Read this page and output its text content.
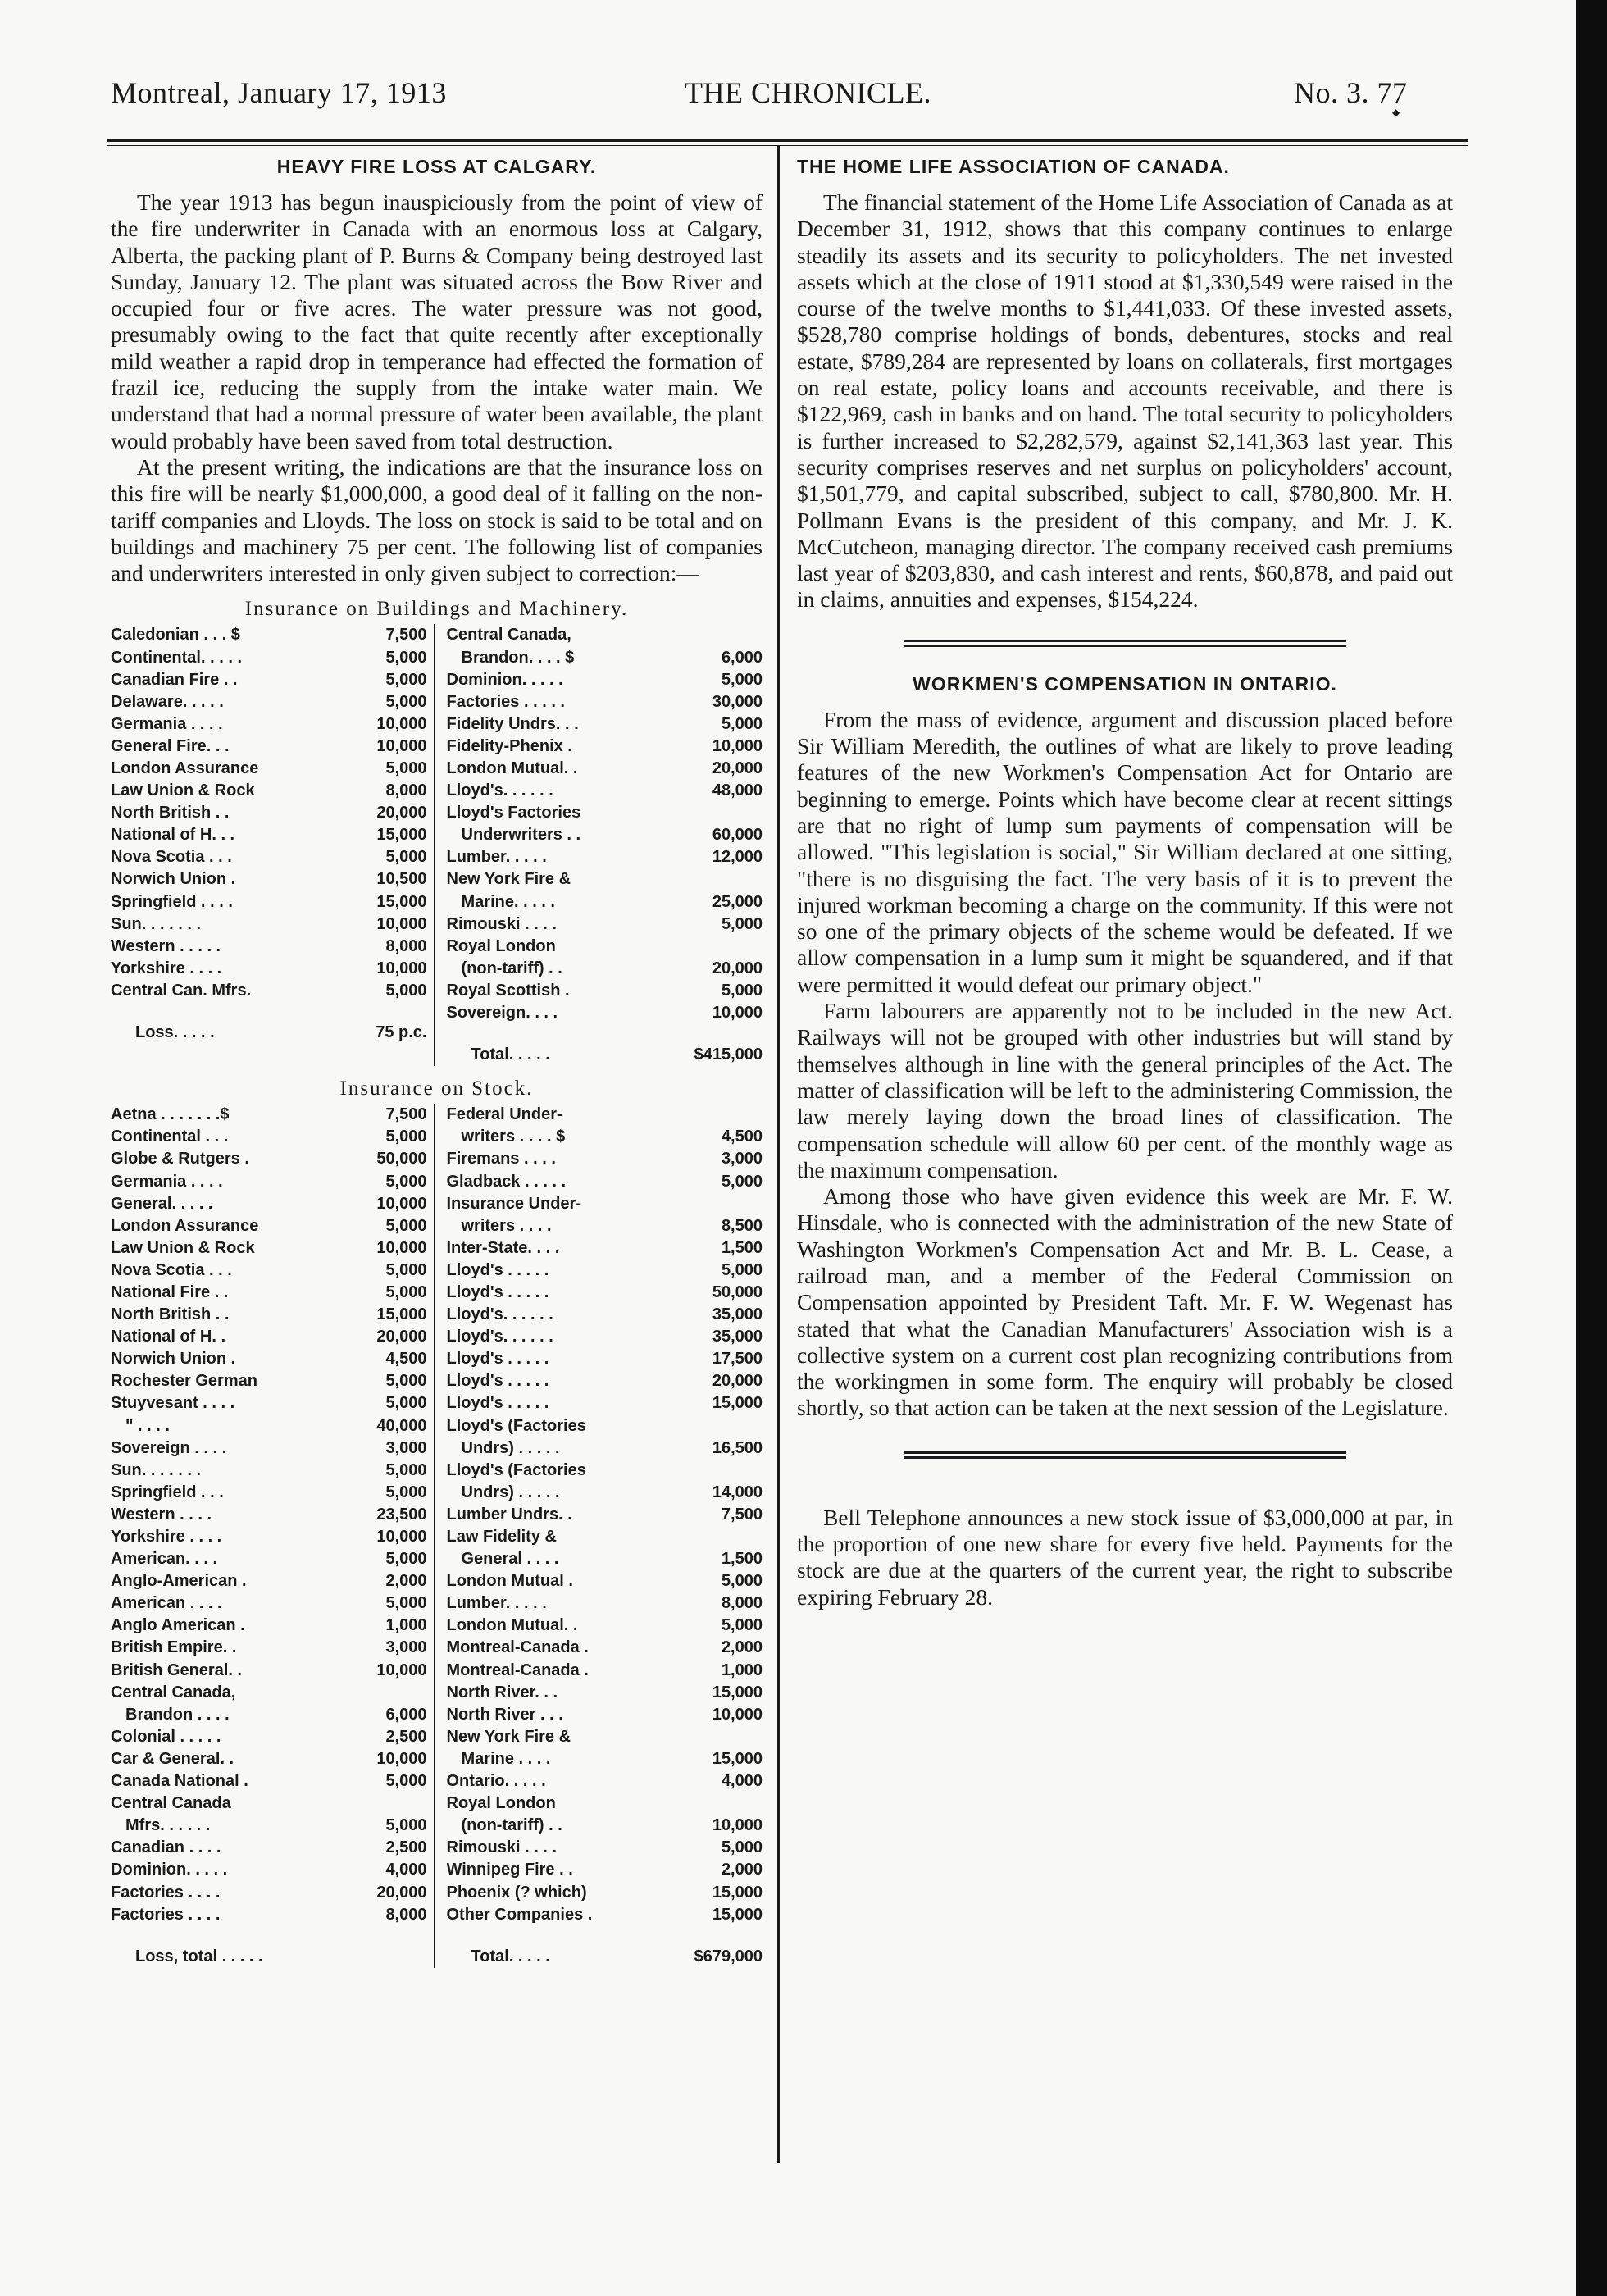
Montreal, January 17, 1913	THE CHRONICLE.	No. 3. 77
◆
HEAVY FIRE LOSS AT CALGARY.

The year 1913 has begun inauspiciously from the point of view of the fire underwriter in Canada with an enormous loss at Calgary, Alberta, the packing plant of P. Burns & Company being destroyed last Sunday, January 12. The plant was situated across the Bow River and occupied four or five acres. The water pressure was not good, presumably owing to the fact that quite recently after exceptionally mild weather a rapid drop in temperance had effected the formation of frazil ice, reducing the supply from the intake water main. We understand that had a normal pressure of water been available, the plant would probably have been saved from total destruction.

At the present writing, the indications are that the insurance loss on this fire will be nearly $1,000,000, a good deal of it falling on the non-tariff companies and Lloyds. The loss on stock is said to be total and on buildings and machinery 75 per cent. The following list of companies and underwriters interested in only given subject to correction:—

Insurance on Buildings and Machinery.
Caledonian . . . $	7,500
Continental. . . . .	5,000
Canadian Fire . .	5,000
Delaware. . . . .	5,000
Germania . . . .	10,000
General Fire. . .	10,000
London Assurance	5,000
Law Union & Rock	8,000
North British . .	20,000
National of H. . .	15,000
Nova Scotia . . .	5,000
Norwich Union .	10,500
Springfield . . . .	15,000
Sun. . . . . . .	10,000
Western . . . . .	8,000
Yorkshire . . . .	10,000
Central Can. Mfrs.	5,000
Loss. . . . .	75 p.c.
Central Canada,
Brandon. . . . $	6,000
Dominion. . . . .	5,000
Factories . . . . .	30,000
Fidelity Undrs. . .	5,000
Fidelity-Phenix .	10,000
London Mutual. .	20,000
Lloyd's. . . . . .	48,000
Lloyd's Factories
Underwriters . .	60,000
Lumber. . . . .	12,000
New York Fire &
Marine. . . . .	25,000
Rimouski . . . .	5,000
Royal London
(non-tariff) . .	20,000
Royal Scottish .	5,000
Sovereign. . . .	10,000
Total. . . . .	$415,000
Insurance on Stock.
Aetna . . . . . . .$	7,500
Continental . . .	5,000
Globe & Rutgers .	50,000
Germania . . . .	5,000
General. . . . .	10,000
London Assurance	5,000
Law Union & Rock	10,000
Nova Scotia . . .	5,000
National Fire . .	5,000
North British . .	15,000
National of H. .	20,000
Norwich Union .	4,500
Rochester German	5,000
Stuyvesant . . . .	5,000
" . . . .	40,000
Sovereign . . . .	3,000
Sun. . . . . . .	5,000
Springfield . . .	5,000
Western . . . .	23,500
Yorkshire . . . .	10,000
American. . . .	5,000
Anglo-American .	2,000
American . . . .	5,000
Anglo American .	1,000
British Empire. .	3,000
British General. .	10,000
Central Canada,
Brandon . . . .	6,000
Colonial . . . . .	2,500
Car & General. .	10,000
Canada National .	5,000
Central Canada
Mfrs. . . . . .	5,000
Canadian . . . .	2,500
Dominion. . . . .	4,000
Factories . . . .	20,000
Factories . . . .	8,000
Loss, total . . . . .
Federal Under-
writers . . . . $	4,500
Firemans . . . .	3,000
Gladback . . . . .	5,000
Insurance Under-
writers . . . .	8,500
Inter-State. . . .	1,500
Lloyd's . . . . .	5,000
Lloyd's . . . . .	50,000
Lloyd's. . . . . .	35,000
Lloyd's. . . . . .	35,000
Lloyd's . . . . .	17,500
Lloyd's . . . . .	20,000
Lloyd's . . . . .	15,000
Lloyd's (Factories
Undrs) . . . . .	16,500
Lloyd's (Factories
Undrs) . . . . .	14,000
Lumber Undrs. .	7,500
Law Fidelity &
General . . . .	1,500
London Mutual .	5,000
Lumber. . . . .	8,000
London Mutual. .	5,000
Montreal-Canada .	2,000
Montreal-Canada .	1,000
North River. . .	15,000
North River . . .	10,000
New York Fire &
Marine . . . .	15,000
Ontario. . . . .	4,000
Royal London
(non-tariff) . .	10,000
Rimouski . . . .	5,000
Winnipeg Fire . .	2,000
Phoenix (? which)	15,000
Other Companies .	15,000
Total. . . . .	$679,000
THE HOME LIFE ASSOCIATION OF CANADA.

The financial statement of the Home Life Association of Canada as at December 31, 1912, shows that this company continues to enlarge steadily its assets and its security to policyholders. The net invested assets which at the close of 1911 stood at $1,330,549 were raised in the course of the twelve months to $1,441,033. Of these invested assets, $528,780 comprise holdings of bonds, debentures, stocks and real estate, $789,284 are represented by loans on collaterals, first mortgages on real estate, policy loans and accounts receivable, and there is $122,969, cash in banks and on hand. The total security to policyholders is further increased to $2,282,579, against $2,141,363 last year. This security comprises reserves and net surplus on policyholders' account, $1,501,779, and capital subscribed, subject to call, $780,800. Mr. H. Pollmann Evans is the president of this company, and Mr. J. K. McCutcheon, managing director. The company received cash premiums last year of $203,830, and cash interest and rents, $60,878, and paid out in claims, annuities and expenses, $154,224.

WORKMEN'S COMPENSATION IN ONTARIO.

From the mass of evidence, argument and discussion placed before Sir William Meredith, the outlines of what are likely to prove leading features of the new Workmen's Compensation Act for Ontario are beginning to emerge. Points which have become clear at recent sittings are that no right of lump sum payments of compensation will be allowed. "This legislation is social," Sir William declared at one sitting, "there is no disguising the fact. The very basis of it is to prevent the injured workman becoming a charge on the community. If this were not so one of the primary objects of the scheme would be defeated. If we allow compensation in a lump sum it might be squandered, and if that were permitted it would defeat our primary object."

Farm labourers are apparently not to be included in the new Act. Railways will not be grouped with other industries but will stand by themselves although in line with the general principles of the Act. The matter of classification will be left to the administering Commission, the law merely laying down the broad lines of classification. The compensation schedule will allow 60 per cent. of the monthly wage as the maximum compensation.

Among those who have given evidence this week are Mr. F. W. Hinsdale, who is connected with the administration of the new State of Washington Workmen's Compensation Act and Mr. B. L. Cease, a railroad man, and a member of the Federal Commission on Compensation appointed by President Taft. Mr. F. W. Wegenast has stated that what the Canadian Manufacturers' Association wish is a collective system on a current cost plan recognizing contributions from the workingmen in some form. The enquiry will probably be closed shortly, so that action can be taken at the next session of the Legislature.

Bell Telephone announces a new stock issue of $3,000,000 at par, in the proportion of one new share for every five held. Payments for the stock are due at the quarters of the current year, the right to subscribe expiring February 28.
